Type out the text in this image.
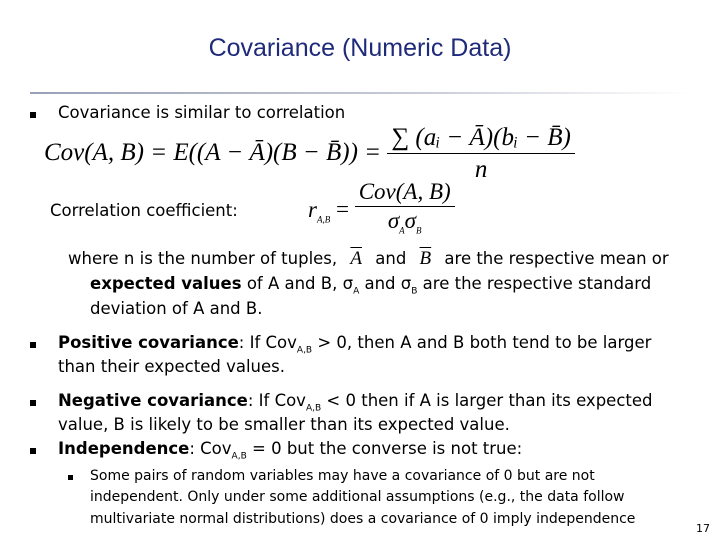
Covariance (Numeric Data)
Covariance is similar to correlation
Cov(A, B) = E((A − Ā)(B − B̄)) = $\frac{\text{∑ (aᵢ − Ā)(bᵢ − B̄)}}{n}$
Correlation coefficient:	$r_{A,B} = \frac{\text{Cov(A, B)}}{\sigma_A\sigma_B}$
where n is the number of tuples, $\overline{A}$ and $\overline{B}$ are the respective mean or
expected values of A and B, $\sigma_A$ and $\sigma_B$ are the respective standard
deviation of A and B.
Positive covariance: If Cov$_{A,B}$ > 0, then A and B both tend to be larger
than their expected values.
Negative covariance: If Cov$_{A,B}$ < 0 then if A is larger than its expected
value, B is likely to be smaller than its expected value.
Independence: Cov$_{A,B}$ = 0 but the converse is not true:
Some pairs of random variables may have a covariance of 0 but are not
independent. Only under some additional assumptions (e.g., the data follow
multivariate normal distributions) does a covariance of 0 imply independence
17
